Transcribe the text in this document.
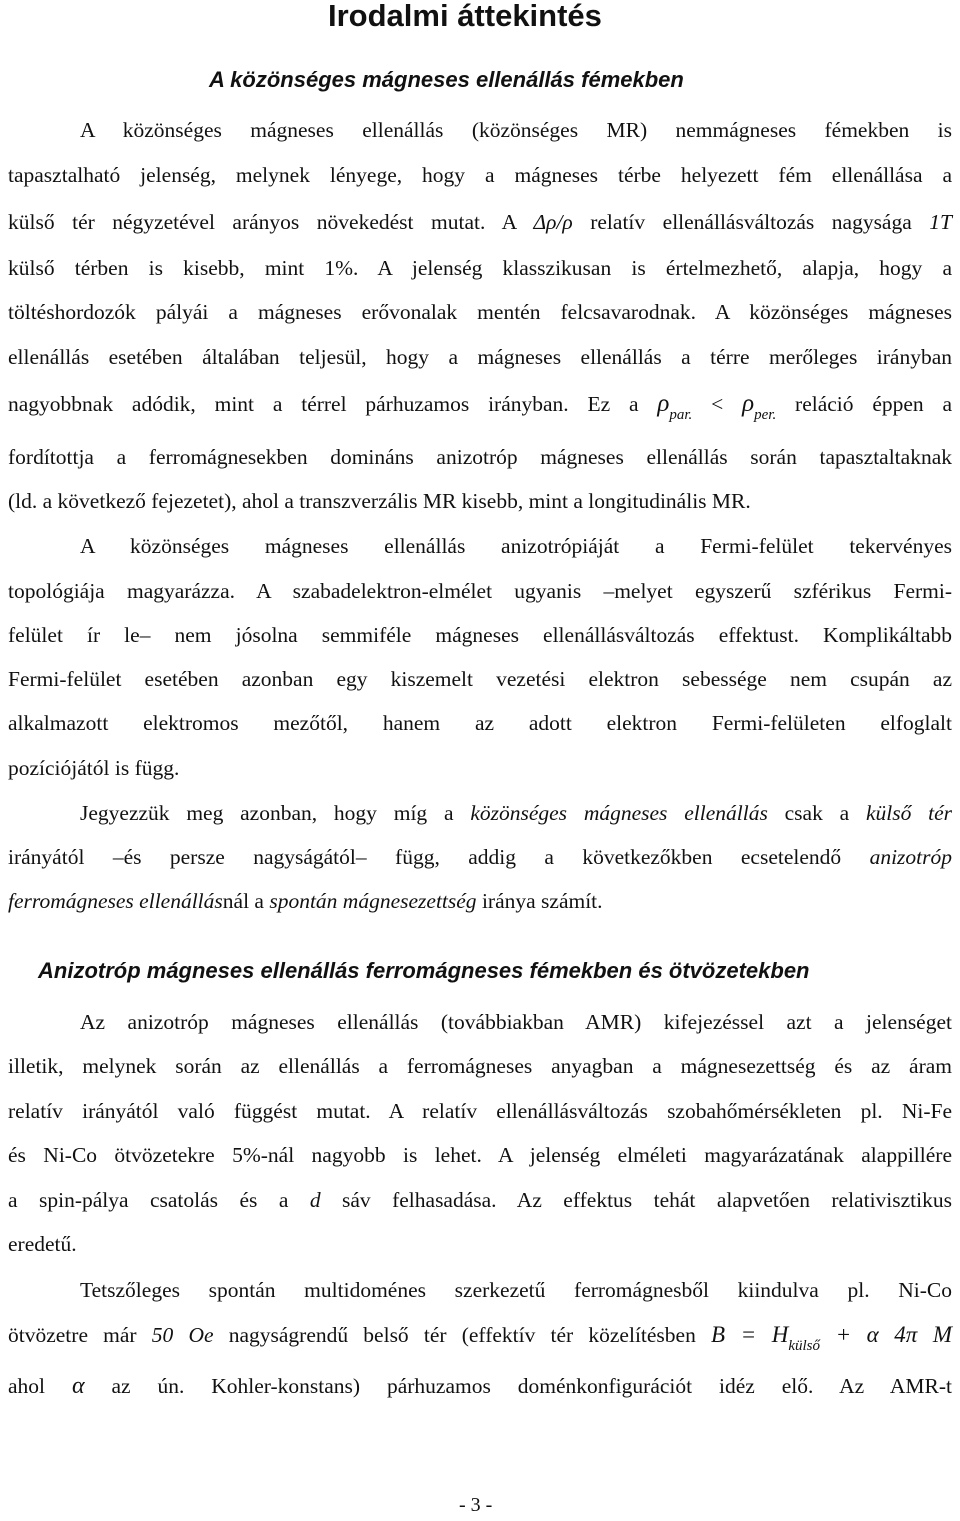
Irodalmi áttekintés
A közönséges mágneses ellenállás fémekben
A közönséges mágneses ellenállás (közönséges MR) nemmágneses fémekben is
tapasztalható jelenség, melynek lényege, hogy a mágneses térbe helyezett fém ellenállása a
külső tér négyzetével arányos növekedést mutat. A Δρ/ρ relatív ellenállásváltozás nagysága 1T
külső térben is kisebb, mint 1%. A jelenség klasszikusan is értelmezhető, alapja, hogy a
töltéshordozók pályái a mágneses erővonalak mentén felcsavarodnak. A közönséges mágneses
ellenállás esetében általában teljesül, hogy a mágneses ellenállás a térre merőleges irányban
nagyobbnak adódik, mint a térrel párhuzamos irányban. Ez a $\rho_{par.} < \rho_{per.}$ reláció éppen a
fordítottja a ferromágnesekben domináns anizotróp mágneses ellenállás során tapasztaltaknak
(ld. a következő fejezetet), ahol a transzverzális MR kisebb, mint a longitudinális MR.
A közönséges mágneses ellenállás anizotrópiáját a Fermi-felület tekervényes
topológiája magyarázza. A szabadelektron-elmélet ugyanis –melyet egyszerű szférikus Fermi-
felület ír le– nem jósolna semmiféle mágneses ellenállásváltozás effektust. Komplikáltabb
Fermi-felület esetében azonban egy kiszemelt vezetési elektron sebessége nem csupán az
alkalmazott elektromos mezőtől, hanem az adott elektron Fermi-felületen elfoglalt
pozíciójától is függ.
Jegyezzük meg azonban, hogy míg a közönséges mágneses ellenállás csak a külső tér
irányától –és persze nagyságától– függ, addig a következőkben ecsetelendő anizotróp
ferromágneses ellenállásnál a spontán mágnesezettség iránya számít.
Anizotróp mágneses ellenállás ferromágneses fémekben és ötvözetekben
Az anizotróp mágneses ellenállás (továbbiakban AMR) kifejezéssel azt a jelenséget
illetik, melynek során az ellenállás a ferromágneses anyagban a mágnesezettség és az áram
relatív irányától való függést mutat. A relatív ellenállásváltozás szobahőmérsékleten pl. Ni-Fe
és Ni-Co ötvözetekre 5%-nál nagyobb is lehet. A jelenség elméleti magyarázatának alappillére
a spin-pálya csatolás és a d sáv felhasadása. Az effektus tehát alapvetően relativisztikus
eredetű.
Tetszőleges spontán multidoménes szerkezetű ferromágnesből kiindulva pl. Ni-Co
ötvözetre már 50 Oe nagyságrendű belső tér (effektív tér közelítésben $B = H_{külső} + \alpha$ 4π M
ahol α az ún. Kohler-konstans) párhuzamos doménkonfigurációt idéz elő. Az AMR-t
- 3 -
